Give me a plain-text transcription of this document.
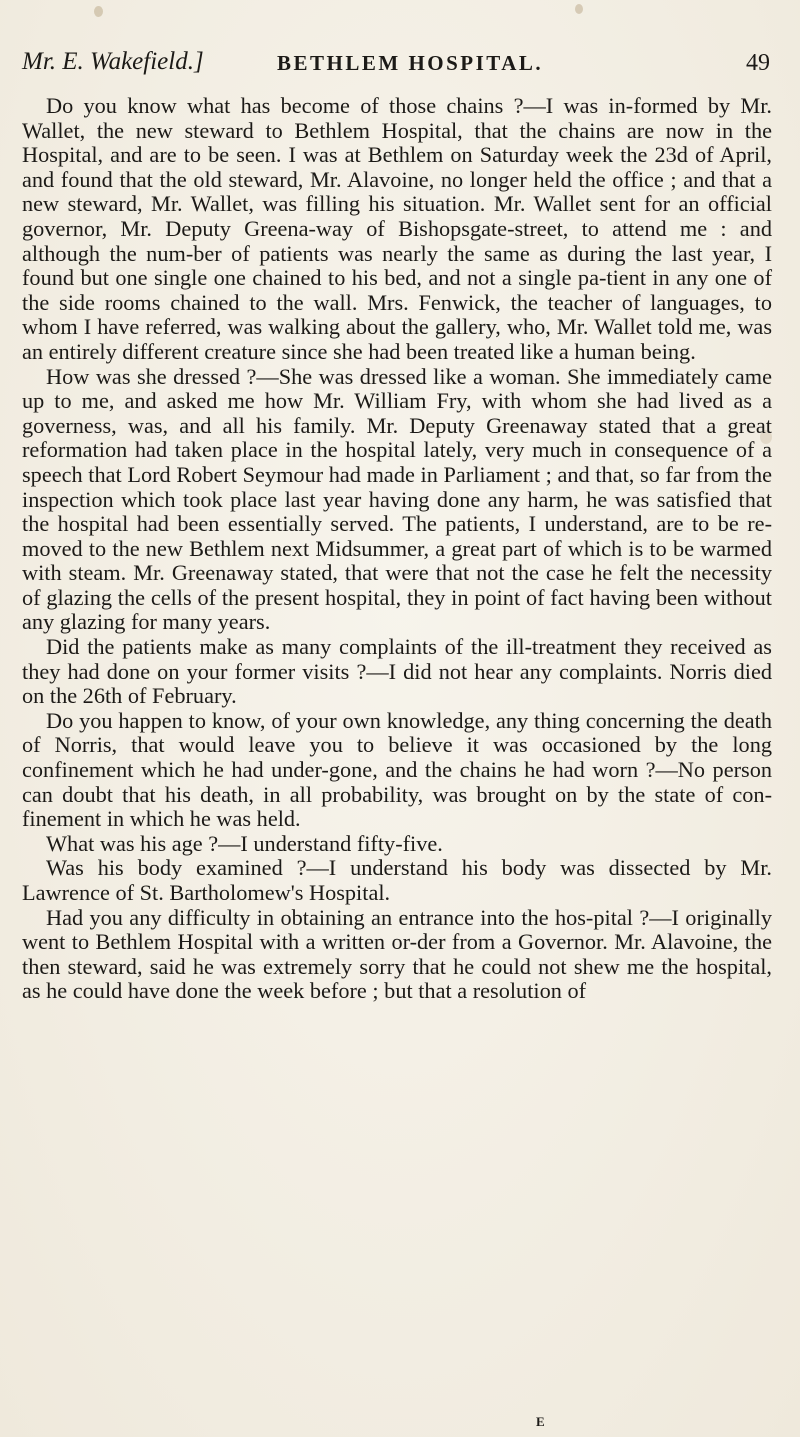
Mr. E. Wakefield.]	BETHLEM HOSPITAL.	49

Do you know what has become of those chains ?—I was in-formed by Mr. Wallet, the new steward to Bethlem Hospital, that the chains are now in the Hospital, and are to be seen. I was at Bethlem on Saturday week the 23d of April, and found that the old steward, Mr. Alavoine, no longer held the office ; and that a new steward, Mr. Wallet, was filling his situation. Mr. Wallet sent for an official governor, Mr. Deputy Greena-way of Bishopsgate-street, to attend me : and although the num-ber of patients was nearly the same as during the last year, I found but one single one chained to his bed, and not a single pa-tient in any one of the side rooms chained to the wall. Mrs. Fenwick, the teacher of languages, to whom I have referred, was walking about the gallery, who, Mr. Wallet told me, was an entirely different creature since she had been treated like a human being.

How was she dressed ?—She was dressed like a woman. She immediately came up to me, and asked me how Mr. William Fry, with whom she had lived as a governess, was, and all his family. Mr. Deputy Greenaway stated that a great reformation had taken place in the hospital lately, very much in consequence of a speech that Lord Robert Seymour had made in Parliament ; and that, so far from the inspection which took place last year having done any harm, he was satisfied that the hospital had been essentially served. The patients, I understand, are to be re-moved to the new Bethlem next Midsummer, a great part of which is to be warmed with steam. Mr. Greenaway stated, that were that not the case he felt the necessity of glazing the cells of the present hospital, they in point of fact having been without any glazing for many years.

Did the patients make as many complaints of the ill-treatment they received as they had done on your former visits ?—I did not hear any complaints. Norris died on the 26th of February.

Do you happen to know, of your own knowledge, any thing concerning the death of Norris, that would leave you to believe it was occasioned by the long confinement which he had under-gone, and the chains he had worn ?—No person can doubt that his death, in all probability, was brought on by the state of con-finement in which he was held.

What was his age ?—I understand fifty-five.

Was his body examined ?—I understand his body was dissected by Mr. Lawrence of St. Bartholomew's Hospital.

Had you any difficulty in obtaining an entrance into the hos-pital ?—I originally went to Bethlem Hospital with a written or-der from a Governor. Mr. Alavoine, the then steward, said he was extremely sorry that he could not shew me the hospital, as he could have done the week before ; but that a resolution of

E
